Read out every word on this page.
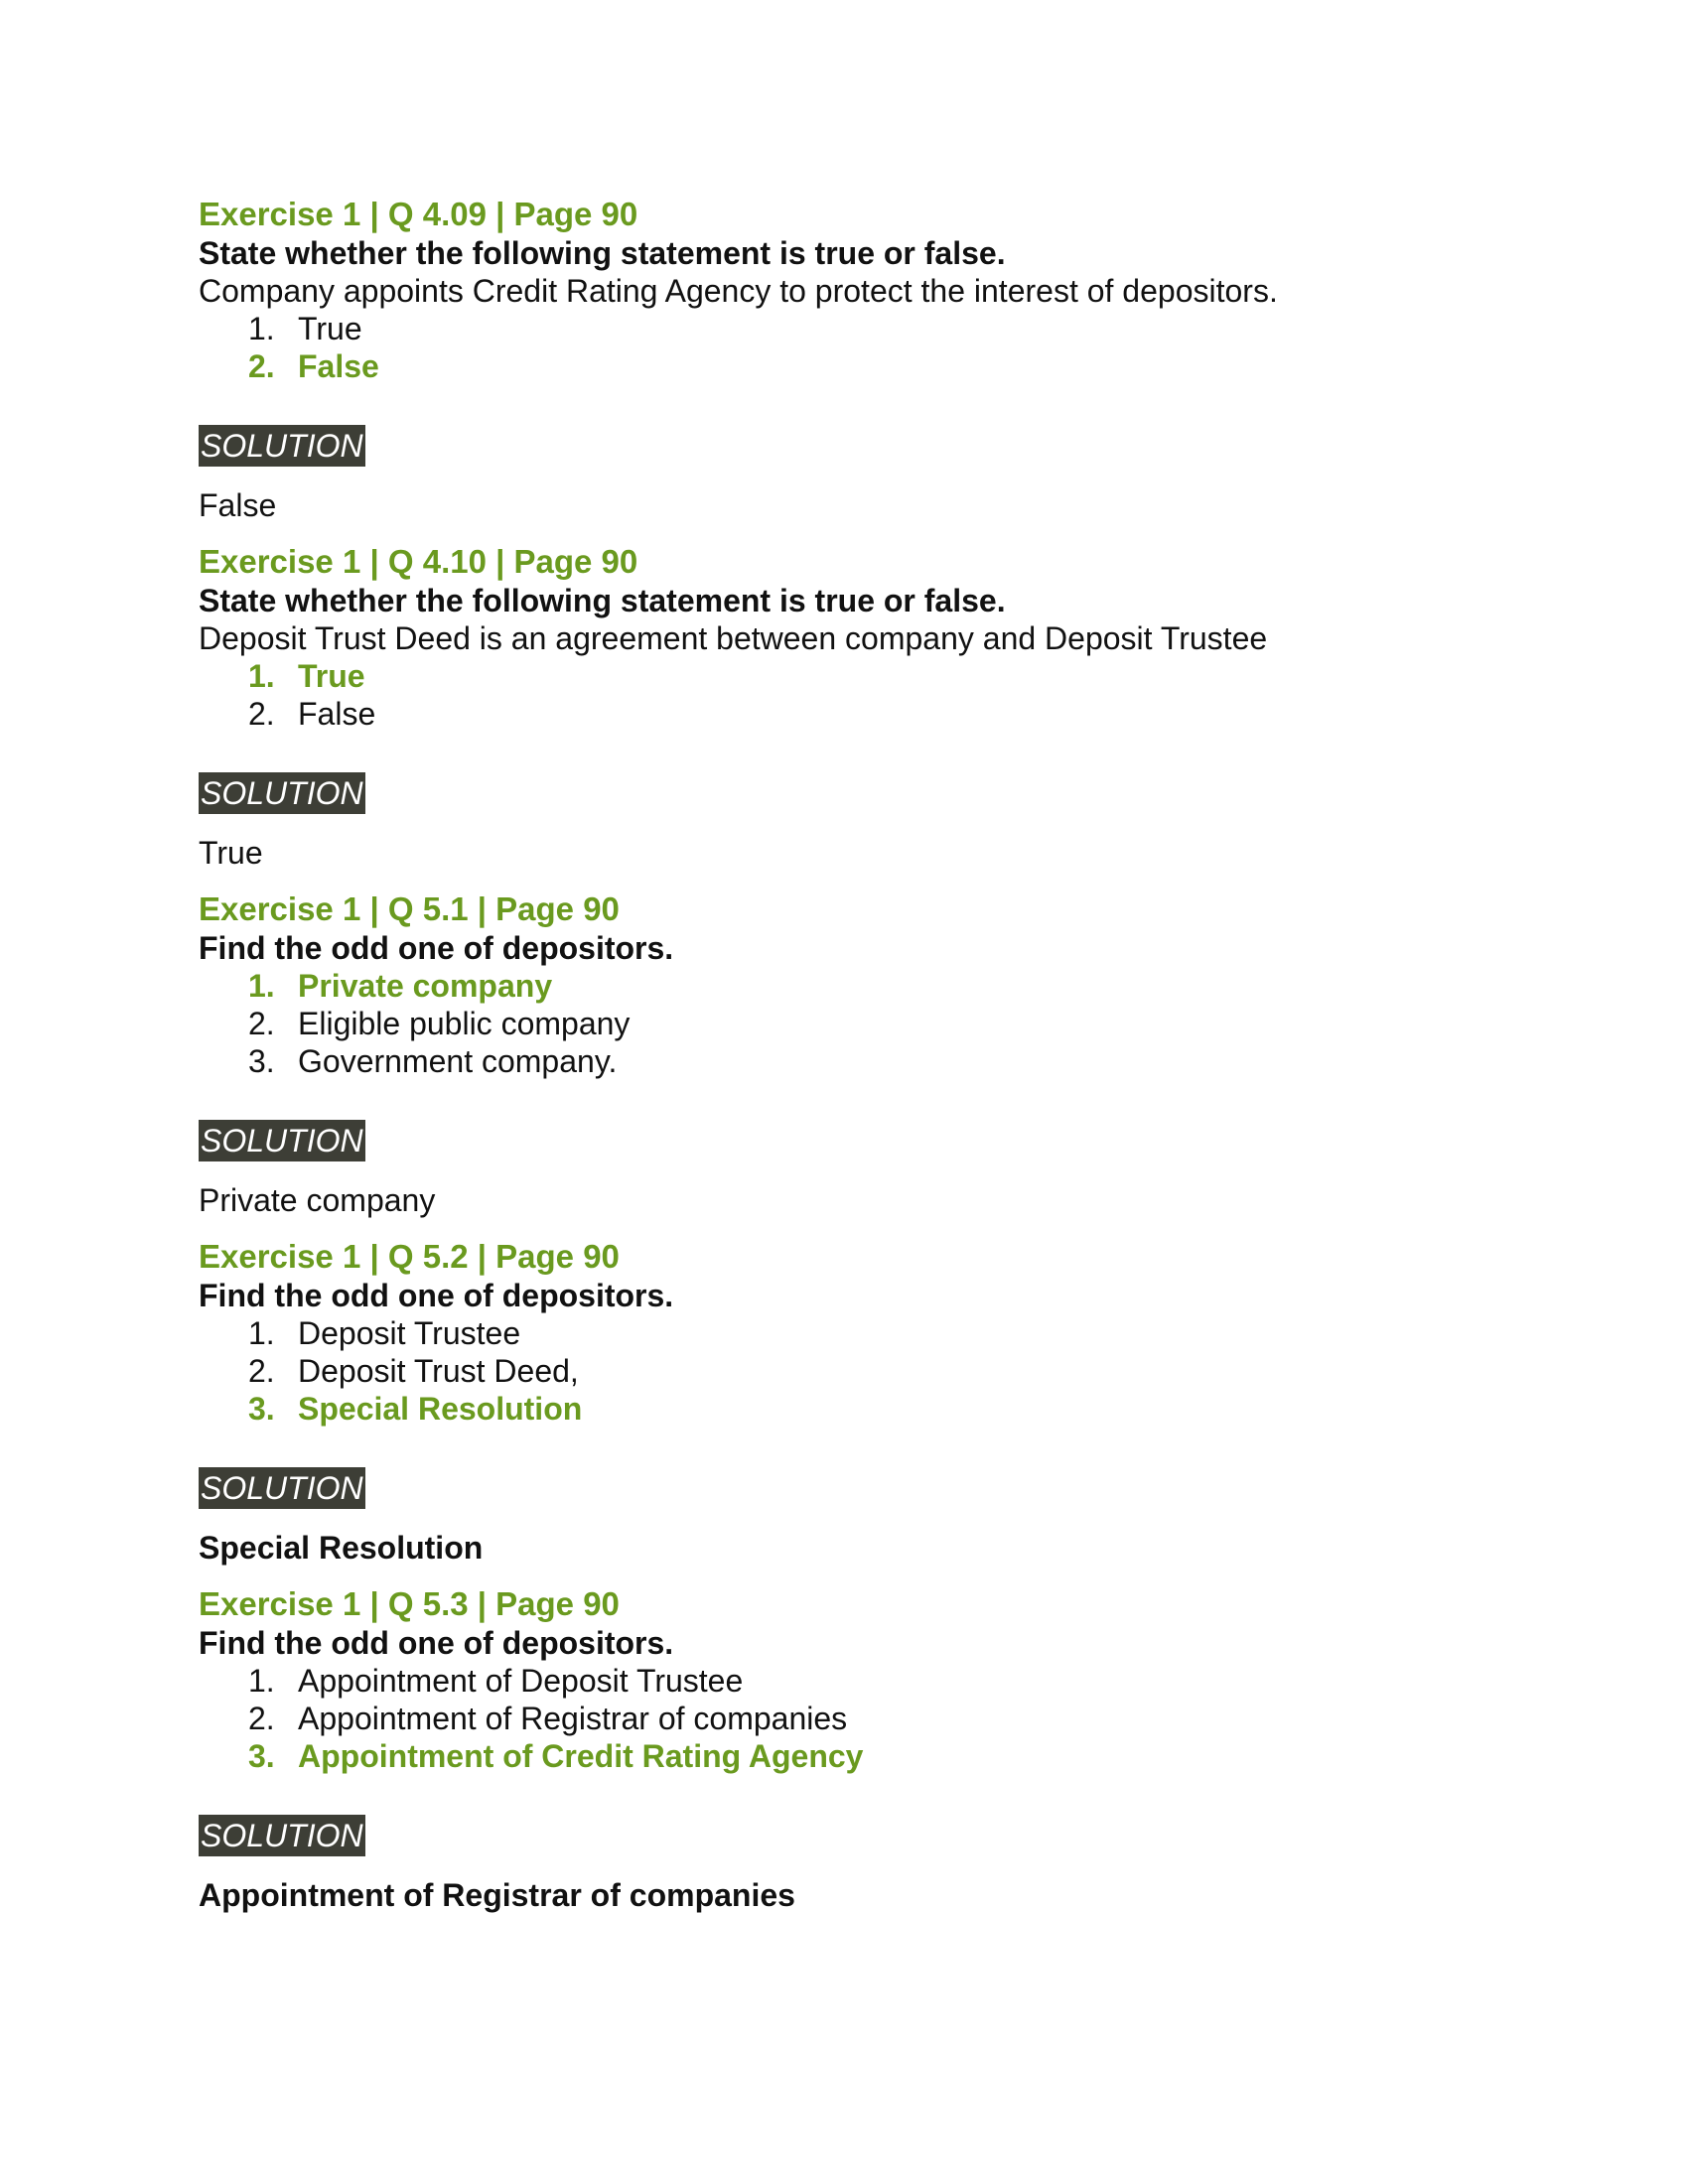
Exercise 1 | Q 4.09 | Page 90
State whether the following statement is true or false.
Company appoints Credit Rating Agency to protect the interest of depositors.
1. True
2. False
SOLUTION
False
Exercise 1 | Q 4.10 | Page 90
State whether the following statement is true or false.
Deposit Trust Deed is an agreement between company and Deposit Trustee
1. True
2. False
SOLUTION
True
Exercise 1 | Q 5.1 | Page 90
Find the odd one of depositors.
1. Private company
2. Eligible public company
3. Government company.
SOLUTION
Private company
Exercise 1 | Q 5.2 | Page 90
Find the odd one of depositors.
1. Deposit Trustee
2. Deposit Trust Deed,
3. Special Resolution
SOLUTION
Special Resolution
Exercise 1 | Q 5.3 | Page 90
Find the odd one of depositors.
1. Appointment of Deposit Trustee
2. Appointment of Registrar of companies
3. Appointment of Credit Rating Agency
SOLUTION
Appointment of Registrar of companies
